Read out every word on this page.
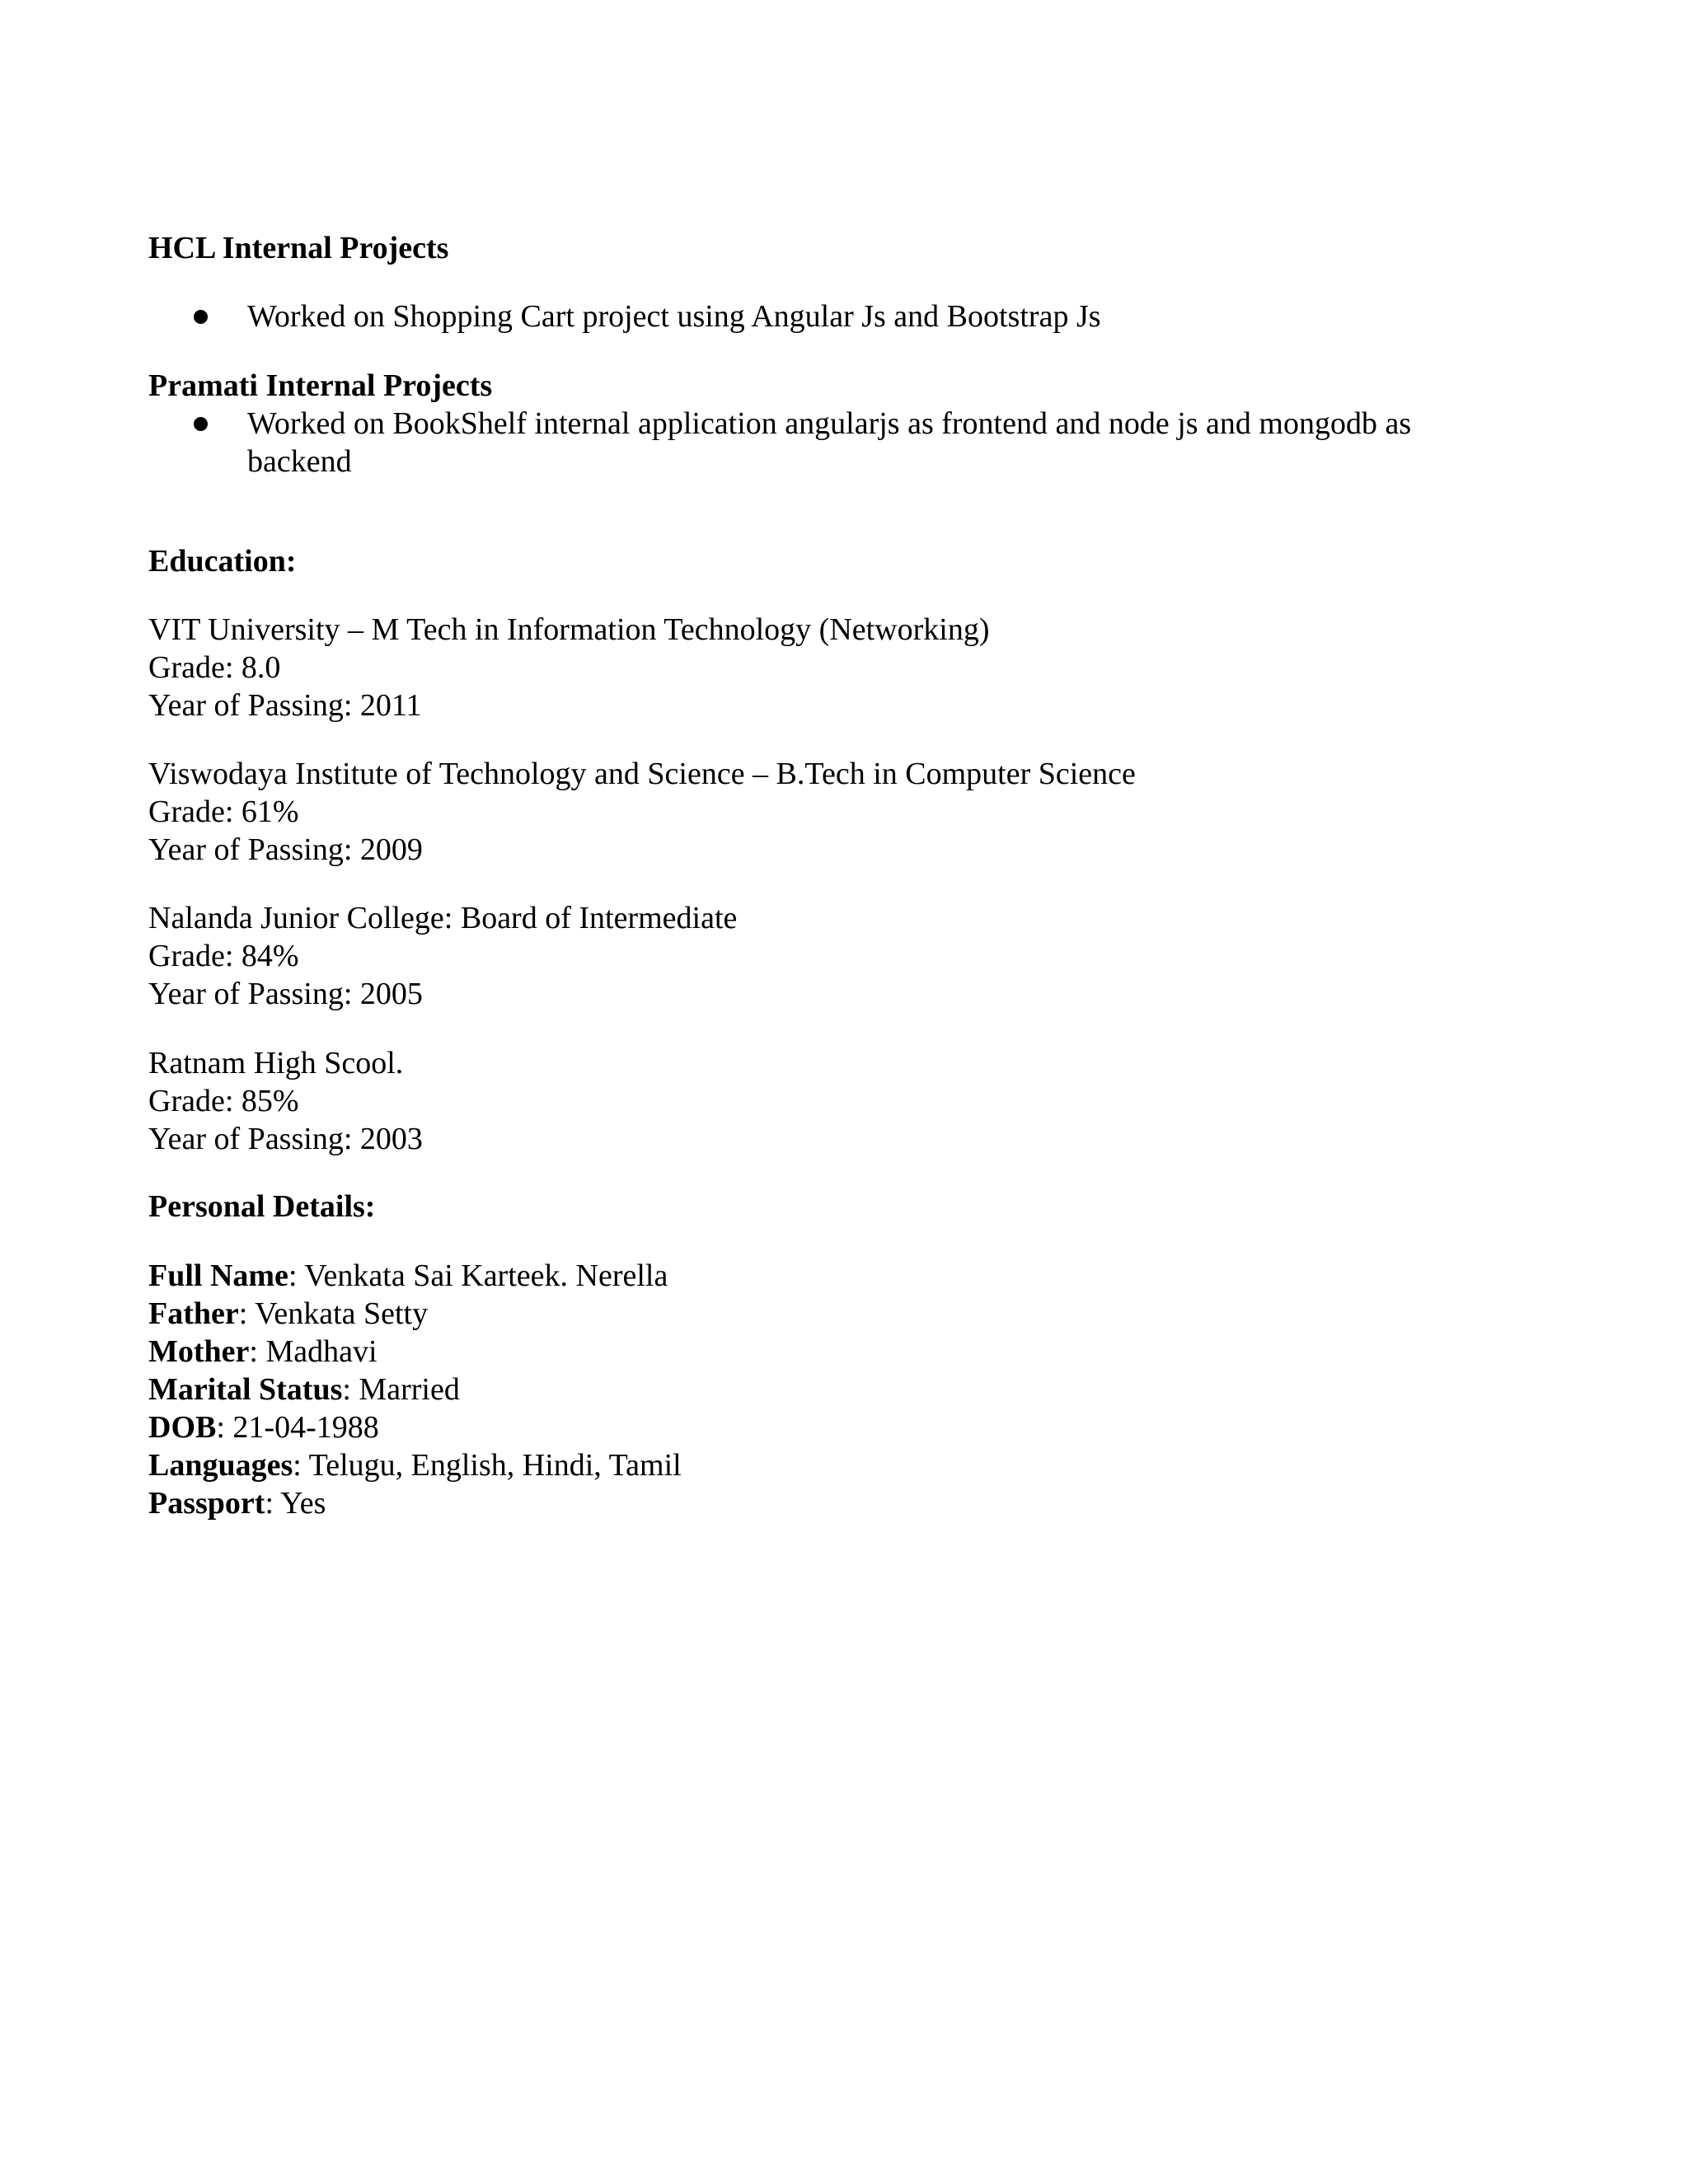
HCL Internal Projects
Worked on Shopping Cart project using Angular Js and Bootstrap Js
Pramati Internal Projects
Worked on BookShelf internal application angularjs as frontend and node js and mongodb as backend
Education:
VIT University – M Tech in Information Technology (Networking)
Grade: 8.0
Year of Passing: 2011
Viswodaya Institute of Technology and Science – B.Tech in Computer Science
Grade: 61%
Year of Passing: 2009
Nalanda Junior College: Board of Intermediate
Grade: 84%
Year of Passing: 2005
Ratnam High Scool.
Grade: 85%
Year of Passing: 2003
Personal Details:
Full Name: Venkata Sai Karteek. Nerella
Father: Venkata Setty
Mother: Madhavi
Marital Status: Married
DOB: 21-04-1988
Languages: Telugu, English, Hindi, Tamil
Passport: Yes
